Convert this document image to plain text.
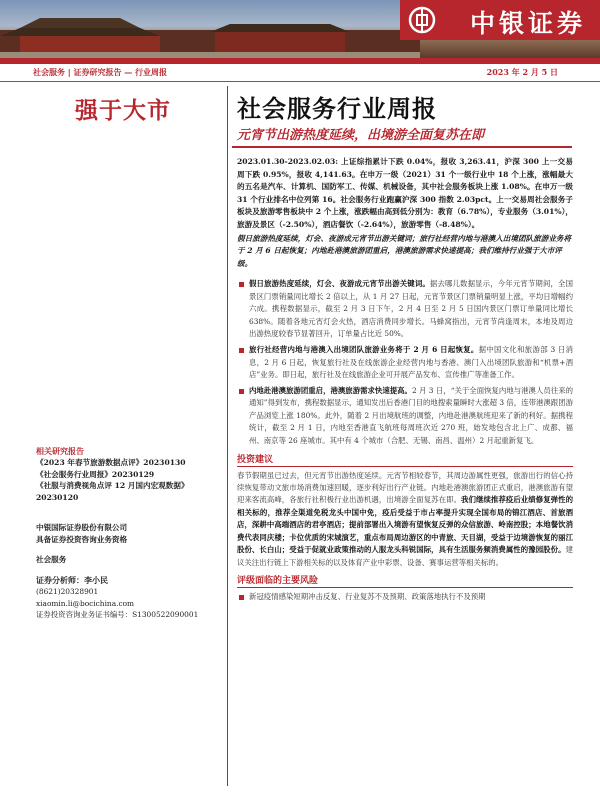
中银证券
社会服务 | 证券研究报告 — 行业周报	2023 年 2 月 5 日
强于大市	社会服务行业周报
元宵节出游热度延续，出境游全面复苏在即

2023.01.30-2023.02.03: 上证综指累计下跌 0.04%，报收 3,263.41，沪深 300 上一交易周下跌 0.95%，报收 4,141.63。在申万一级（2021）31 个一级行业中 18 个上涨，涨幅最大的五名是汽车、计算机、国防军工、传媒、机械设备，其中社会服务板块上涨 1.08%。在申万一级 31 个行业排名中位列第 16。社会服务行业跑赢沪深 300 指数 2.03pct。上一交易周社会服务子板块及旅游零售板块中 2 个上涨，涨跌幅由高到低分别为：教育（6.78%），专业服务（3.01%），旅游及景区（-2.50%），酒店餐饮（-2.64%），旅游零售（-8.48%）。

假日旅游热度延续，灯会、夜游成元宵节出游关键词；旅行社经营内地与港澳入出境团队旅游业务将于 2 月 6 日起恢复；内地赴港澳旅游团重启，港澳旅游需求快速提高；我们维持行业强于大市评级。

假日旅游热度延续，灯会、夜游成元宵节出游关键词。据去哪儿数据显示，今年元宵节期间，全国景区门票销量同比增长 2 倍以上，从 1 月 27 日起，元宵节景区门票销量明显上涨，平均日增幅约六成。携程数据显示，截至 2 月 3 日下午，2 月 4 日至 2 月 5 日国内景区门票订单量同比增长 638%。随着各地元宵灯会火热，酒店消费同步增长。马蜂窝指出，元宵节尚逢周末，本地及周边出游热度较春节显著回升，订单量占比近 50%。

旅行社经营内地与港澳入出境团队旅游业务将于 2 月 6 日起恢复。据中国文化和旅游部 3 日消息，2 月 6 日起，恢复旅行社及在线旅游企业经营内地与香港、澳门入出境团队旅游和“机票+酒店”业务。即日起，旅行社及在线旅游企业可开展产品发布、宣传推广等准备工作。

内地赴港澳旅游团重启，港澳旅游需求快速提高。2 月 3 日，“关于全面恢复内地与港澳人员往来的通知”得到发布，携程数据显示，通知发出后香港门目的地搜索量瞬时大涨超 3 倍，连带港澳跟团游产品浏览上涨 180%。此外，随着 2 月出境航班的调整，内地赴港澳航班迎来了新的利好。据携程统计，截至 2 月 1 日，内地至香港直飞航班每周班次近 270 班，始发地包含北上广、成都、福州、南京等 26 座城市。其中有 4 个城市（合肥、无锡、南昌、温州）2 月起重新复飞。

投资建议

春节假期虽已过去，但元宵节出游热度延续。元宵节相较春节，其周边游属性更强，旅游出行的信心持续恢复带动文旅市场消费加速回暖，逐步利好出行产业链。内地赴港澳旅游团正式重启，港澳旅游有望迎来客流高峰，各旅行社积极行业出游机遇，出境游全面复苏在即。我们继续推荐疫后业绩修复弹性的相关标的，推荐全渠道免税龙头中国中免，疫后受益于市占率提升实现全国布局的锦江酒店、首旅酒店，深耕中高端酒店的君亭酒店；提前部署出入境游有望恢复反弹的众信旅游、岭南控股；本地餐饮消费代表同庆楼；卡位优质的宋城演艺，重点布局周边游区的中青旅、天目湖，受益于边境游恢复的丽江股份、长白山；受益于促就业政策推动的人服龙头科锐国际，具有生活服务频消费属性的豫园股份。建议关注出行链上下游相关标的以及体育产业中彩票、设备、赛事运营等相关标的。

评级面临的主要风险

新冠疫情感染短期冲击反复、行业复苏不及预期、政策落地执行不及预期

相关研究报告
《2023 年春节旅游数据点评》20230130
《社会服务行业周报》20230129
《社服与消费视角点评 12 月国内宏观数据》20230120
中银国际证券股份有限公司
具备证券投资咨询业务资格
社会服务
证券分析师：李小民
(8621)20328901
xiaomin.li@bocichina.com
证券投资咨询业务证书编号：S1300522090001
